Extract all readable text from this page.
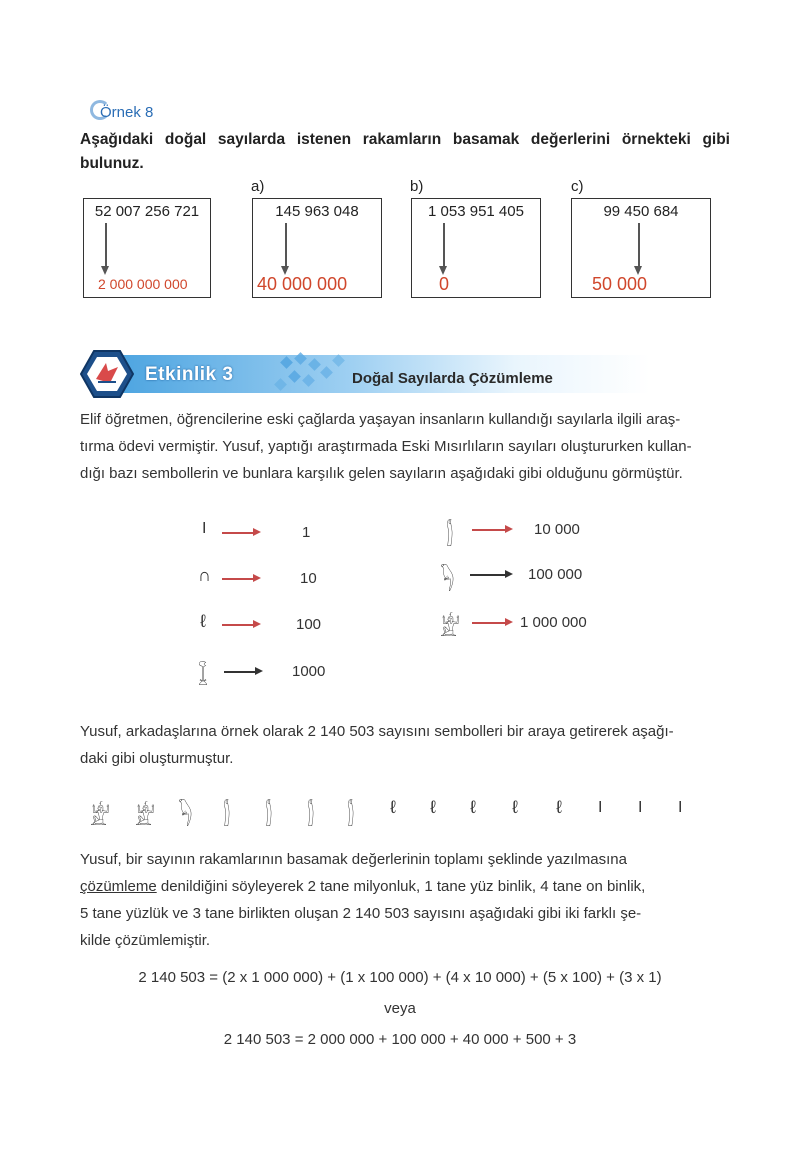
Örnek 8
Aşağıdaki doğal sayılarda istenen rakamların basamak değerlerini örnekteki gibi bulunuz.
a)	b)	c)
52 007 256 721
2 000 000 000
145 963 048
40 000 000
1 053 951 405
0
99 450 684
50 000
Etkinlik 3	Doğal Sayılarda Çözümleme
Elif öğretmen, öğrencilerine eski çağlarda yaşayan insanların kullandığı sayılarla ilgili araş-
tırma ödevi vermiştir. Yusuf, yaptığı araştırmada Eski Mısırlıların sayıları oluştururken kullan-
dığı bazı sembollerin ve bunlara karşılık gelen sayıların aşağıdaki gibi olduğunu görmüştür.
I	1
∩	10
ℓ	100
𓆼	1000
𓂭	10 000
𓆐	100 000
𓁨	1 000 000
Yusuf, arkadaşlarına örnek olarak 2 140 503 sayısını sembolleri bir araya getirerek aşağı-
daki gibi oluşturmuştur.
𓁨 𓁨 𓆐 𓂭 𓂭 𓂭 𓂭 ℓ ℓ ℓ ℓ ℓ I I I
Yusuf, bir sayının rakamlarının basamak değerlerinin toplamı şeklinde yazılmasına
çözümleme denildiğini söyleyerek 2 tane milyonluk, 1 tane yüz binlik, 4 tane on binlik,
5 tane yüzlük ve 3 tane birlikten oluşan 2 140 503 sayısını aşağıdaki gibi iki farklı şe-
kilde çözümlemiştir.
2 140 503 = (2 x 1 000 000) + (1 x 100 000) + (4 x 10 000) + (5 x 100) + (3 x 1)
veya
2 140 503 = 2 000 000 + 100 000 + 40 000 + 500 + 3
